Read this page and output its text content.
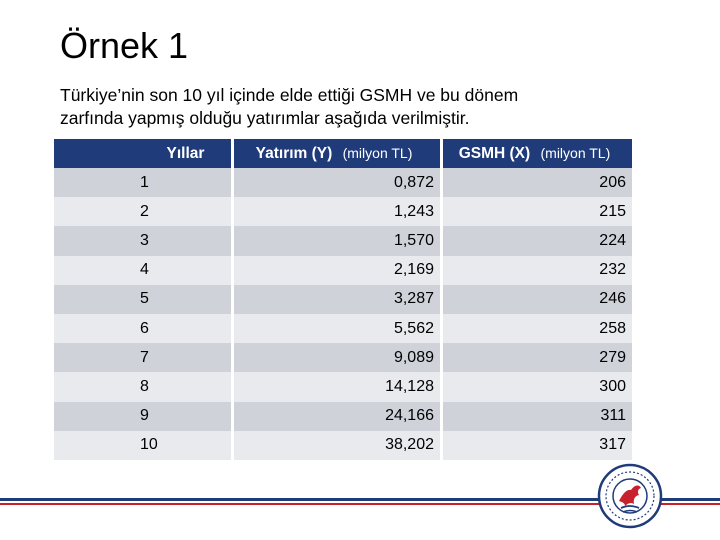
Örnek 1
Türkiye’nin son 10 yıl içinde elde ettiği GSMH ve bu dönem
zarfında yapmış olduğu yatırımlar aşağıda verilmiştir.
Yıllar	Yatırım (Y) (milyon TL)	GSMH (X) (milyon TL)
1	0,872	206
2	1,243	215
3	1,570	224
4	2,169	232
5	3,287	246
6	5,562	258
7	9,089	279
8	14,128	300
9	24,166	311
10	38,202	317
